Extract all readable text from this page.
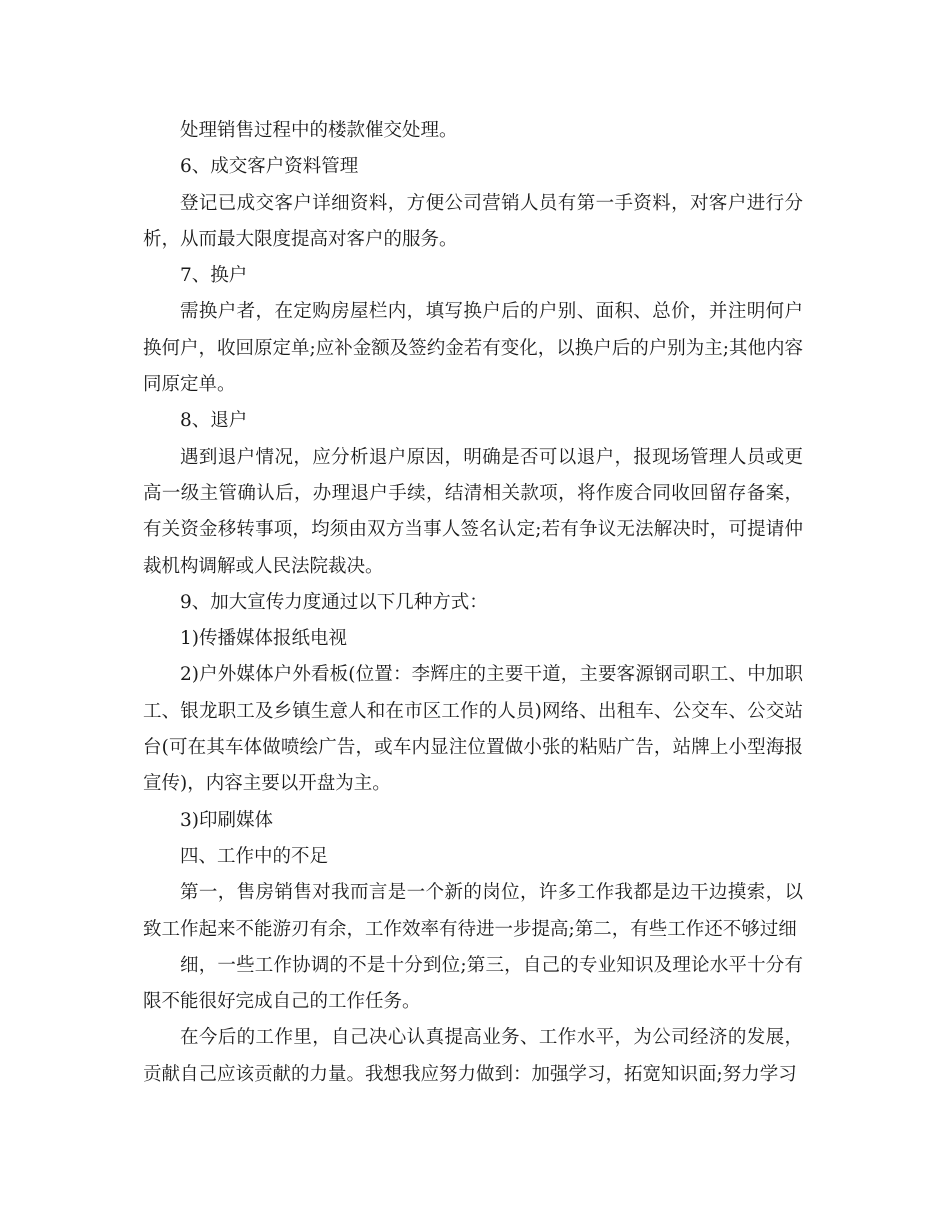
处理销售过程中的楼款催交处理。

6、成交客户资料管理

登记已成交客户详细资料，方便公司营销人员有第一手资料，对客户进行分析，从而最大限度提高对客户的服务。

7、换户

需换户者，在定购房屋栏内，填写换户后的户别、面积、总价，并注明何户换何户，收回原定单;应补金额及签约金若有变化，以换户后的户别为主;其他内容同原定单。

8、退户

遇到退户情况，应分析退户原因，明确是否可以退户，报现场管理人员或更高一级主管确认后，办理退户手续，结清相关款项，将作废合同收回留存备案，有关资金移转事项，均须由双方当事人签名认定;若有争议无法解决时，可提请仲裁机构调解或人民法院裁决。

9、加大宣传力度通过以下几种方式：

1)传播媒体报纸电视

2)户外媒体户外看板(位置：李辉庄的主要干道，主要客源钢司职工、中加职工、银龙职工及乡镇生意人和在市区工作的人员)网络、出租车、公交车、公交站台(可在其车体做喷绘广告，或车内显注位置做小张的粘贴广告，站牌上小型海报宣传)，内容主要以开盘为主。

3)印刷媒体

四、工作中的不足

第一，售房销售对我而言是一个新的岗位，许多工作我都是边干边摸索，以致工作起来不能游刃有余，工作效率有待进一步提高;第二，有些工作还不够过细

细，一些工作协调的不是十分到位;第三，自己的专业知识及理论水平十分有限不能很好完成自己的工作任务。

在今后的工作里，自己决心认真提高业务、工作水平，为公司经济的发展，贡献自己应该贡献的力量。我想我应努力做到：加强学习，拓宽知识面;努力学习
